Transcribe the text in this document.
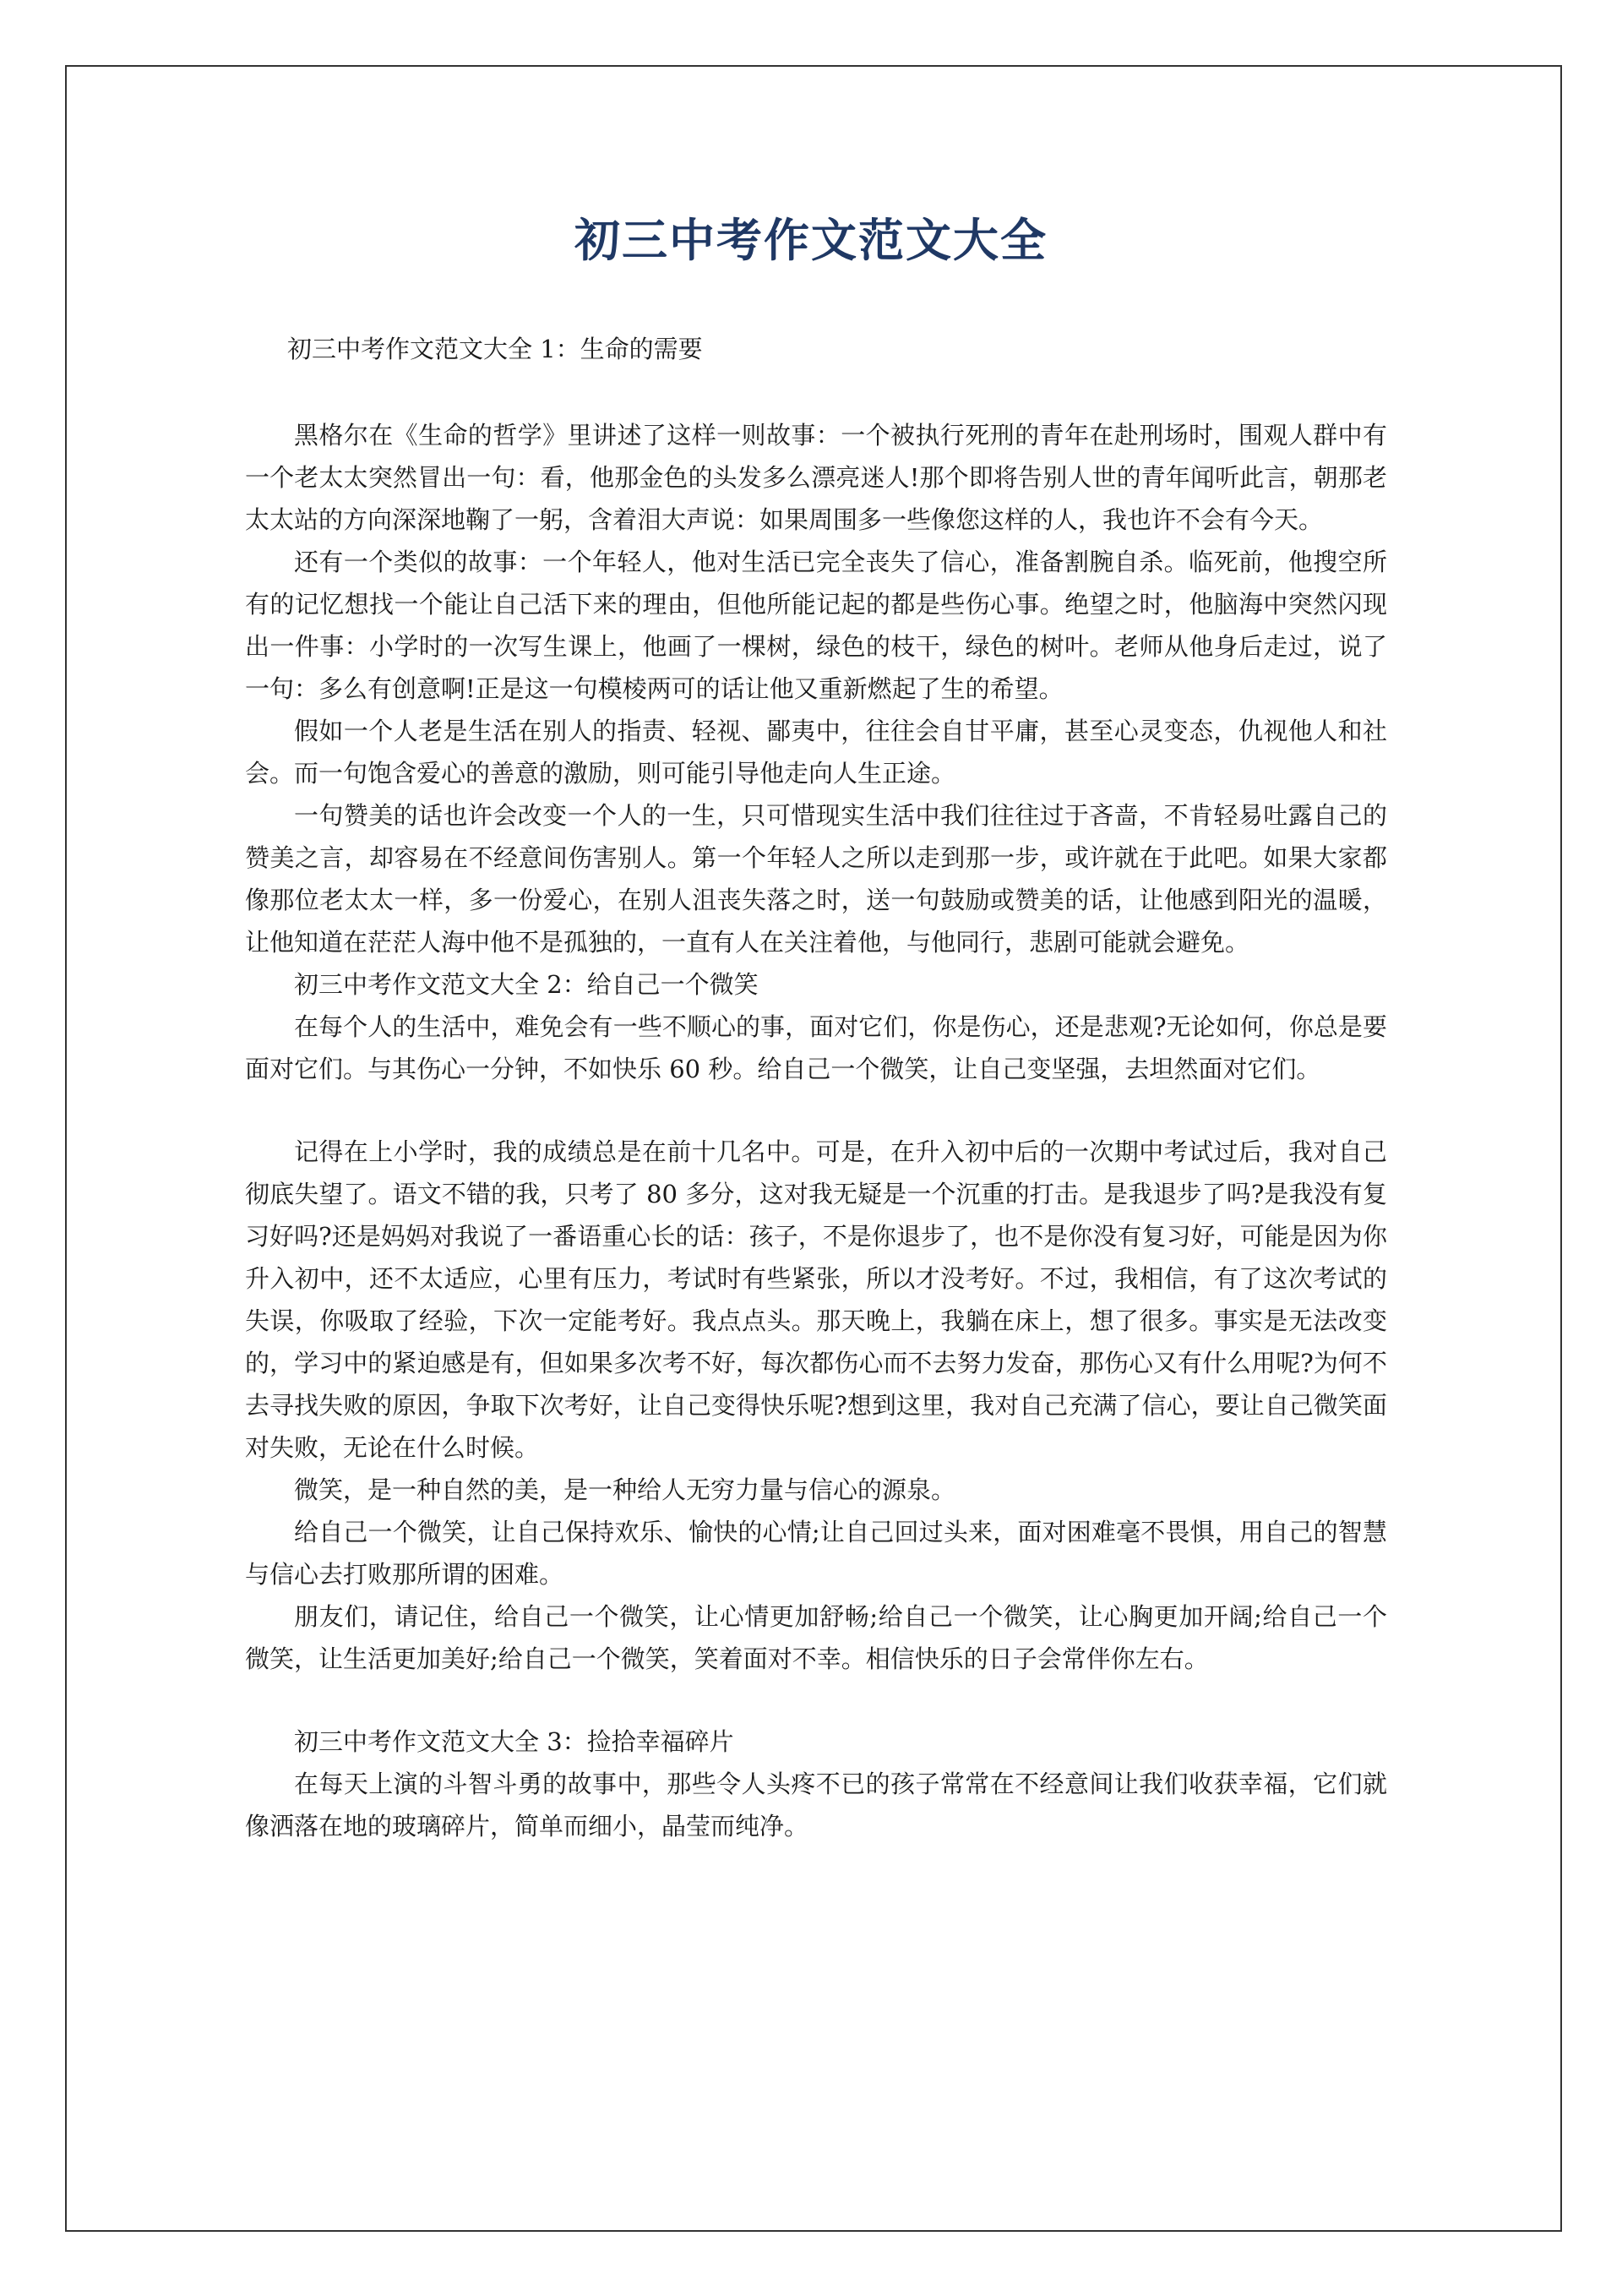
初三中考作文范文大全

初三中考作文范文大全 1：生命的需要

黑格尔在《生命的哲学》里讲述了这样一则故事：一个被执行死刑的青年在赴刑场时，围观人群中有一个老太太突然冒出一句：看，他那金色的头发多么漂亮迷人!那个即将告别人世的青年闻听此言，朝那老太太站的方向深深地鞠了一躬，含着泪大声说：如果周围多一些像您这样的人，我也许不会有今天。

还有一个类似的故事：一个年轻人，他对生活已完全丧失了信心，准备割腕自杀。临死前，他搜空所有的记忆想找一个能让自己活下来的理由，但他所能记起的都是些伤心事。绝望之时，他脑海中突然闪现出一件事：小学时的一次写生课上，他画了一棵树，绿色的枝干，绿色的树叶。老师从他身后走过，说了一句：多么有创意啊!正是这一句模棱两可的话让他又重新燃起了生的希望。

假如一个人老是生活在别人的指责、轻视、鄙夷中，往往会自甘平庸，甚至心灵变态，仇视他人和社会。而一句饱含爱心的善意的激励，则可能引导他走向人生正途。

一句赞美的话也许会改变一个人的一生，只可惜现实生活中我们往往过于吝啬，不肯轻易吐露自己的赞美之言，却容易在不经意间伤害别人。第一个年轻人之所以走到那一步，或许就在于此吧。如果大家都像那位老太太一样，多一份爱心，在别人沮丧失落之时，送一句鼓励或赞美的话，让他感到阳光的温暖，让他知道在茫茫人海中他不是孤独的，一直有人在关注着他，与他同行，悲剧可能就会避免。

初三中考作文范文大全 2：给自己一个微笑

在每个人的生活中，难免会有一些不顺心的事，面对它们，你是伤心，还是悲观?无论如何，你总是要面对它们。与其伤心一分钟，不如快乐 60 秒。给自己一个微笑，让自己变坚强，去坦然面对它们。

记得在上小学时，我的成绩总是在前十几名中。可是，在升入初中后的一次期中考试过后，我对自己彻底失望了。语文不错的我，只考了 80 多分，这对我无疑是一个沉重的打击。是我退步了吗?是我没有复习好吗?还是妈妈对我说了一番语重心长的话：孩子，不是你退步了，也不是你没有复习好，可能是因为你升入初中，还不太适应，心里有压力，考试时有些紧张，所以才没考好。不过，我相信，有了这次考试的失误，你吸取了经验，下次一定能考好。我点点头。那天晚上，我躺在床上，想了很多。事实是无法改变的，学习中的紧迫感是有，但如果多次考不好，每次都伤心而不去努力发奋，那伤心又有什么用呢?为何不去寻找失败的原因，争取下次考好，让自己变得快乐呢?想到这里，我对自己充满了信心，要让自己微笑面对失败，无论在什么时候。

微笑，是一种自然的美，是一种给人无穷力量与信心的源泉。

给自己一个微笑，让自己保持欢乐、愉快的心情;让自己回过头来，面对困难毫不畏惧，用自己的智慧与信心去打败那所谓的困难。

朋友们，请记住，给自己一个微笑，让心情更加舒畅;给自己一个微笑，让心胸更加开阔;给自己一个微笑，让生活更加美好;给自己一个微笑，笑着面对不幸。相信快乐的日子会常伴你左右。

初三中考作文范文大全 3：捡拾幸福碎片

在每天上演的斗智斗勇的故事中，那些令人头疼不已的孩子常常在不经意间让我们收获幸福，它们就像洒落在地的玻璃碎片，简单而细小，晶莹而纯净。
